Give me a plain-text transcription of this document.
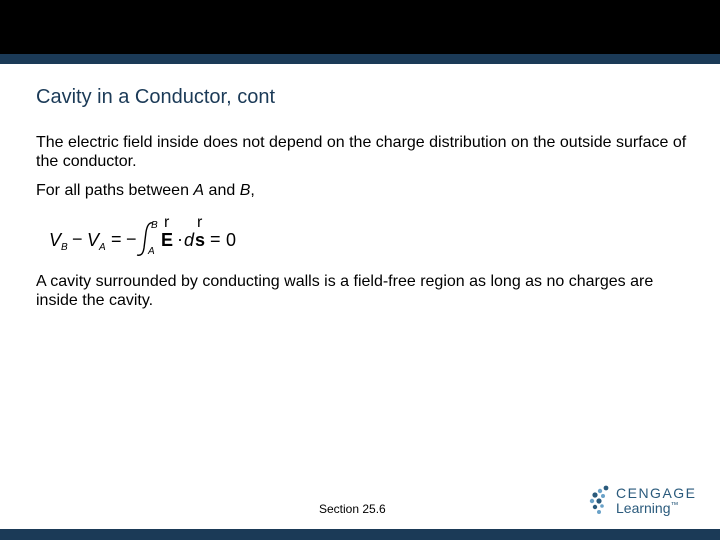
Cavity in a Conductor, cont
The electric field inside does not depend on the charge distribution on the outside surface of the conductor.
For all paths between A and B,
V B − V A = −
B
A
r
E · d
r
s = 0
A cavity surrounded by conducting walls is a field-free region as long as no charges are inside the cavity.
Section 25.6
CENGAGE
Learning™
